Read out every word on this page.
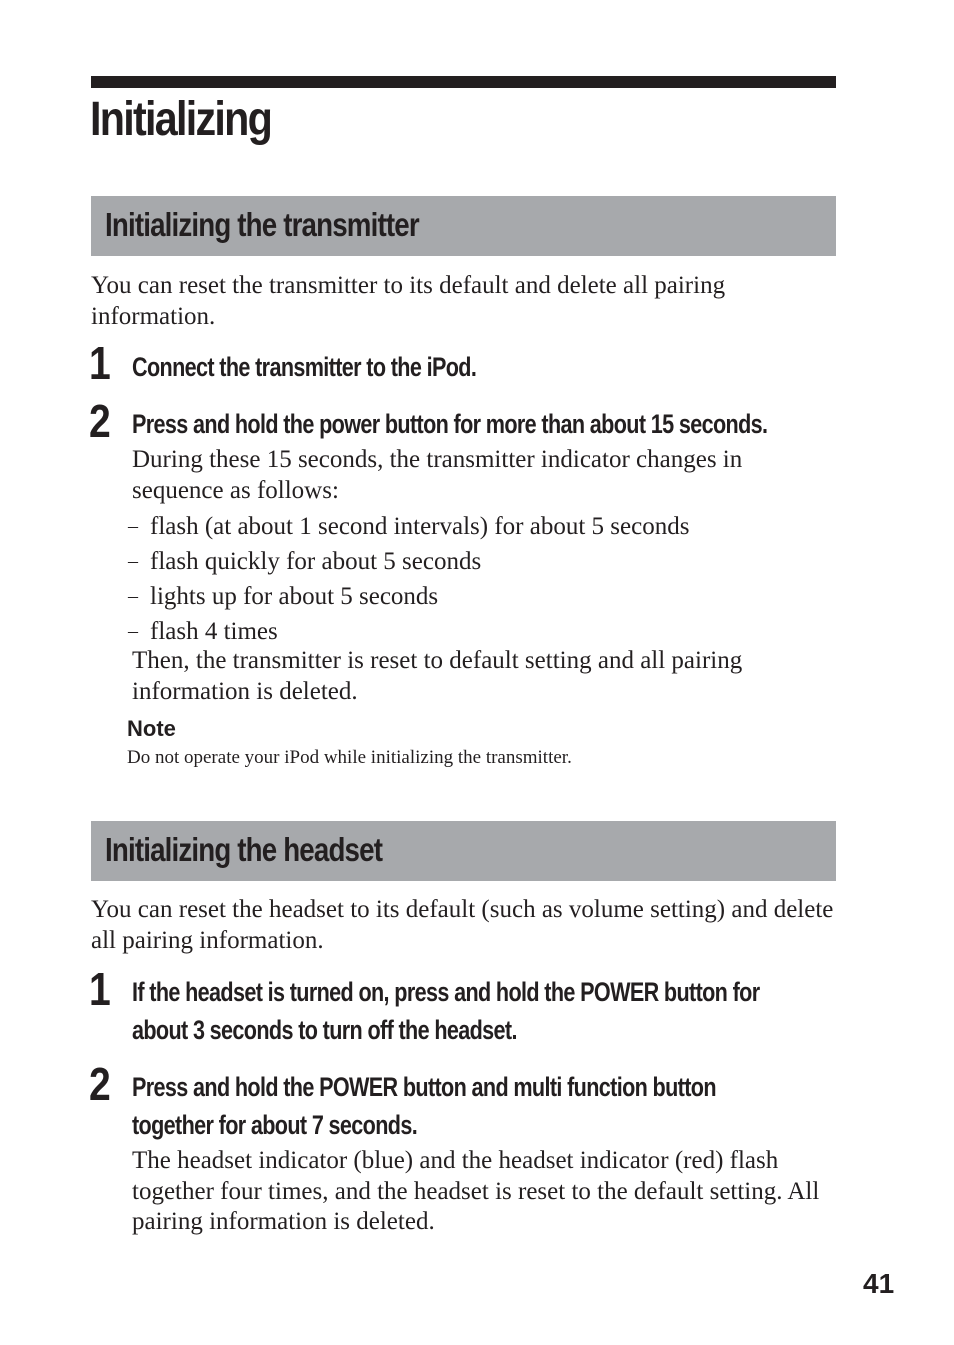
Initializing
Initializing the transmitter

You can reset the transmitter to its default and delete all pairing information.

1 Connect the transmitter to the iPod.

2 Press and hold the power button for more than about 15 seconds.

During these 15 seconds, the transmitter indicator changes in sequence as follows:

– flash (at about 1 second intervals) for about 5 seconds
– flash quickly for about 5 seconds
– lights up for about 5 seconds
– flash 4 times

Then, the transmitter is reset to default setting and all pairing information is deleted.

Note

Do not operate your iPod while initializing the transmitter.

Initializing the headset

You can reset the headset to its default (such as volume setting) and delete all pairing information.

1 If the headset is turned on, press and hold the POWER button for

about 3 seconds to turn off the headset.

2 Press and hold the POWER button and multi function button

together for about 7 seconds.

The headset indicator (blue) and the headset indicator (red) flash together four times, and the headset is reset to the default setting. All pairing information is deleted.

41
